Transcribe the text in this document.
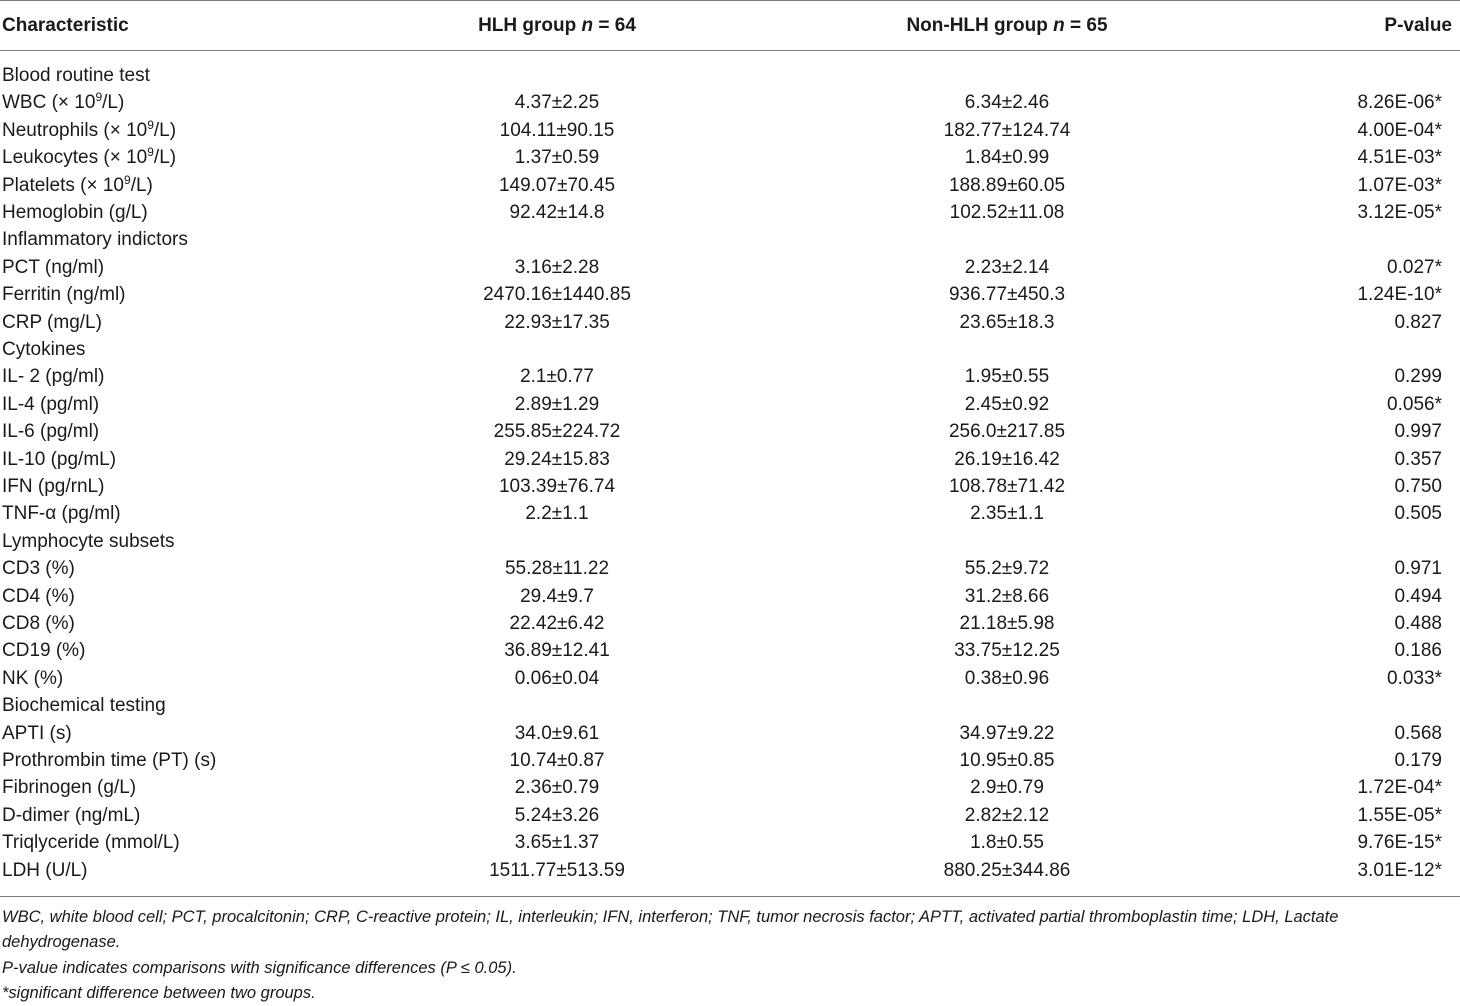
Characteristic	HLH group n = 64	Non-HLH group n = 65	P-value
Blood routine test
WBC (× $10^9/L$)	4.37±2.25	6.34±2.46	8.26E-06*
Neutrophils (× $10^9/L$)	104.11±90.15	182.77±124.74	4.00E-04*
Leukocytes (× $10^9/L$)	1.37±0.59	1.84±0.99	4.51E-03*
Platelets (× $10^9/L$)	149.07±70.45	188.89±60.05	1.07E-03*
Hemoglobin (g/L)	92.42±14.8	102.52±11.08	3.12E-05*
Inflammatory indictors
PCT (ng/ml)	3.16±2.28	2.23±2.14	0.027*
Ferritin (ng/ml)	2470.16±1440.85	936.77±450.3	1.24E-10*
CRP (mg/L)	22.93±17.35	23.65±18.3	0.827
Cytokines
IL- 2 (pg/ml)	2.1±0.77	1.95±0.55	0.299
IL-4 (pg/ml)	2.89±1.29	2.45±0.92	0.056*
IL-6 (pg/ml)	255.85±224.72	256.0±217.85	0.997
IL-10 (pg/mL)	29.24±15.83	26.19±16.42	0.357
IFN (pg/rnL)	103.39±76.74	108.78±71.42	0.750
TNF-α (pg/ml)	2.2±1.1	2.35±1.1	0.505
Lymphocyte subsets
CD3 (%)	55.28±11.22	55.2±9.72	0.971
CD4 (%)	29.4±9.7	31.2±8.66	0.494
CD8 (%)	22.42±6.42	21.18±5.98	0.488
CD19 (%)	36.89±12.41	33.75±12.25	0.186
NK (%)	0.06±0.04	0.38±0.96	0.033*
Biochemical testing
APTI (s)	34.0±9.61	34.97±9.22	0.568
Prothrombin time (PT) (s)	10.74±0.87	10.95±0.85	0.179
Fibrinogen (g/L)	2.36±0.79	2.9±0.79	1.72E-04*
D-dimer (ng/mL)	5.24±3.26	2.82±2.12	1.55E-05*
Triqlyceride (mmol/L)	3.65±1.37	1.8±0.55	9.76E-15*
LDH (U/L)	1511.77±513.59	880.25±344.86	3.01E-12*
WBC, white blood cell; PCT, procalcitonin; CRP, C-reactive protein; IL, interleukin; IFN, interferon; TNF, tumor necrosis factor; APTT, activated partial thromboplastin time; LDH, Lactate dehydrogenase.
P-value indicates comparisons with significance differences (P ≤ 0.05).
*significant difference between two groups.
